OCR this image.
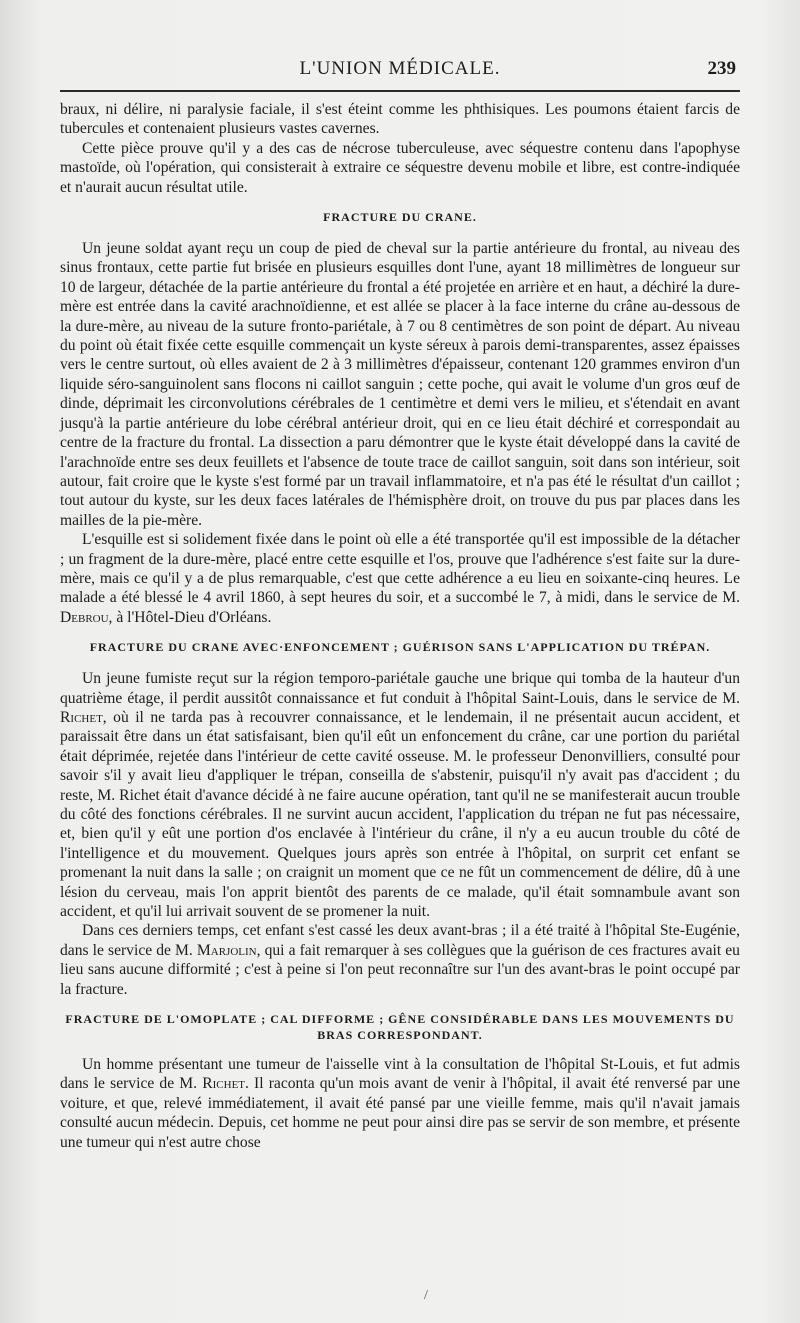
L'UNION MÉDICALE.	239

braux, ni délire, ni paralysie faciale, il s'est éteint comme les phthisiques. Les poumons étaient farcis de tubercules et contenaient plusieurs vastes cavernes.

Cette pièce prouve qu'il y a des cas de nécrose tuberculeuse, avec séquestre contenu dans l'apophyse mastoïde, où l'opération, qui consisterait à extraire ce séquestre devenu mobile et libre, est contre-indiquée et n'aurait aucun résultat utile.

FRACTURE DU CRANE.

Un jeune soldat ayant reçu un coup de pied de cheval sur la partie antérieure du frontal, au niveau des sinus frontaux, cette partie fut brisée en plusieurs esquilles dont l'une, ayant 18 millimètres de longueur sur 10 de largeur, détachée de la partie antérieure du frontal a été projetée en arrière et en haut, a déchiré la dure-mère est entrée dans la cavité arachnoïdienne, et est allée se placer à la face interne du crâne au-dessous de la dure-mère, au niveau de la suture fronto-pariétale, à 7 ou 8 centimètres de son point de départ. Au niveau du point où était fixée cette esquille commençait un kyste séreux à parois demi-transparentes, assez épaisses vers le centre surtout, où elles avaient de 2 à 3 millimètres d'épaisseur, contenant 120 grammes environ d'un liquide séro-sanguinolent sans flocons ni caillot sanguin ; cette poche, qui avait le volume d'un gros œuf de dinde, déprimait les circonvolutions cérébrales de 1 centimètre et demi vers le milieu, et s'étendait en avant jusqu'à la partie antérieure du lobe cérébral antérieur droit, qui en ce lieu était déchiré et correspondait au centre de la fracture du frontal. La dissection a paru démontrer que le kyste était développé dans la cavité de l'arachnoïde entre ses deux feuillets et l'absence de toute trace de caillot sanguin, soit dans son intérieur, soit autour, fait croire que le kyste s'est formé par un travail inflammatoire, et n'a pas été le résultat d'un caillot ; tout autour du kyste, sur les deux faces latérales de l'hémisphère droit, on trouve du pus par places dans les mailles de la pie-mère.

L'esquille est si solidement fixée dans le point où elle a été transportée qu'il est impossible de la détacher ; un fragment de la dure-mère, placé entre cette esquille et l'os, prouve que l'adhérence s'est faite sur la dure-mère, mais ce qu'il y a de plus remarquable, c'est que cette adhérence a eu lieu en soixante-cinq heures. Le malade a été blessé le 4 avril 1860, à sept heures du soir, et a succombé le 7, à midi, dans le service de M. Debrou, à l'Hôtel-Dieu d'Orléans.

FRACTURE DU CRANE AVEC·ENFONCEMENT ; GUÉRISON SANS L'APPLICATION DU TRÉPAN.

Un jeune fumiste reçut sur la région temporo-pariétale gauche une brique qui tomba de la hauteur d'un quatrième étage, il perdit aussitôt connaissance et fut conduit à l'hôpital Saint-Louis, dans le service de M. Richet, où il ne tarda pas à recouvrer connaissance, et le lendemain, il ne présentait aucun accident, et paraissait être dans un état satisfaisant, bien qu'il eût un enfoncement du crâne, car une portion du pariétal était déprimée, rejetée dans l'intérieur de cette cavité osseuse. M. le professeur Denonvilliers, consulté pour savoir s'il y avait lieu d'appliquer le trépan, conseilla de s'abstenir, puisqu'il n'y avait pas d'accident ; du reste, M. Richet était d'avance décidé à ne faire aucune opération, tant qu'il ne se manifesterait aucun trouble du côté des fonctions cérébrales. Il ne survint aucun accident, l'application du trépan ne fut pas nécessaire, et, bien qu'il y eût une portion d'os enclavée à l'intérieur du crâne, il n'y a eu aucun trouble du côté de l'intelligence et du mouvement. Quelques jours après son entrée à l'hôpital, on surprit cet enfant se promenant la nuit dans la salle ; on craignit un moment que ce ne fût un commencement de délire, dû à une lésion du cerveau, mais l'on apprit bientôt des parents de ce malade, qu'il était somnambule avant son accident, et qu'il lui arrivait souvent de se promener la nuit.

Dans ces derniers temps, cet enfant s'est cassé les deux avant-bras ; il a été traité à l'hôpital Ste-Eugénie, dans le service de M. Marjolin, qui a fait remarquer à ses collègues que la guérison de ces fractures avait eu lieu sans aucune difformité ; c'est à peine si l'on peut reconnaître sur l'un des avant-bras le point occupé par la fracture.

FRACTURE DE L'OMOPLATE ; CAL DIFFORME ; GÊNE CONSIDÉRABLE DANS LES MOUVEMENTS DU
BRAS CORRESPONDANT.

Un homme présentant une tumeur de l'aisselle vint à la consultation de l'hôpital St-Louis, et fut admis dans le service de M. Richet. Il raconta qu'un mois avant de venir à l'hôpital, il avait été renversé par une voiture, et que, relevé immédiatement, il avait été pansé par une vieille femme, mais qu'il n'avait jamais consulté aucun médecin. Depuis, cet homme ne peut pour ainsi dire pas se servir de son membre, et présente une tumeur qui n'est autre chose

/
